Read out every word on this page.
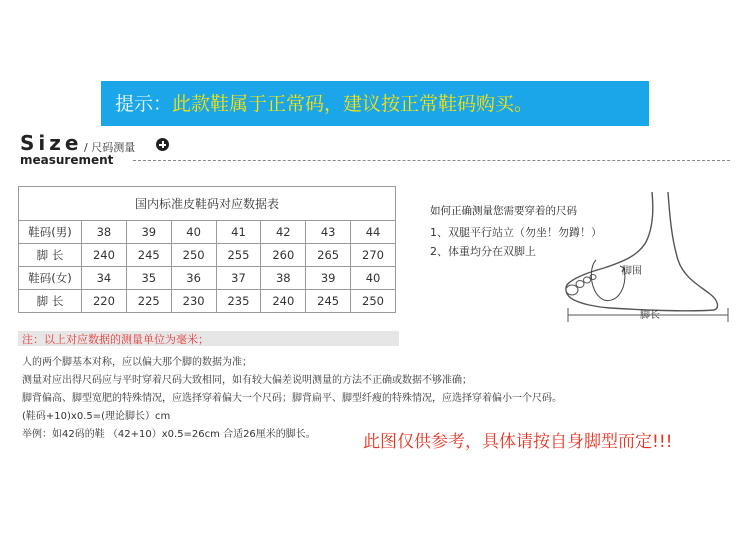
提示：此款鞋属于正常码，建议按正常鞋码购买。
Size / 尺码测量
measurement
国内标准皮鞋码对应数据表							
鞋码(男)	38	39	40	41	42	43	44
脚 长	240	245	250	255	260	265	270
鞋码(女)	34	35	36	37	38	39	40
脚 长	220	225	230	235	240	245	250
注：以上对应数据的测量单位为毫米；
人的两个脚基本对称，应以偏大那个脚的数据为准；
测量对应出得尺码应与平时穿着尺码大致相同，如有较大偏差说明测量的方法不正确或数据不够准确；
脚背偏高、脚型宽肥的特殊情况，应选择穿着偏大一个尺码；脚背扁平、脚型纤瘦的特殊情况，应选择穿着偏小一个尺码。
(鞋码+10)x0.5=(理论脚长）cm
举例：如42码的鞋 （42+10）x0.5=26cm 合适26厘米的脚长。	此图仅供参考，具体请按自身脚型而定!!!
如何正确测量您需要穿着的尺码
1、双腿平行站立（勿坐！勿蹲！）
2、体重均分在双脚上
脚围
脚长
